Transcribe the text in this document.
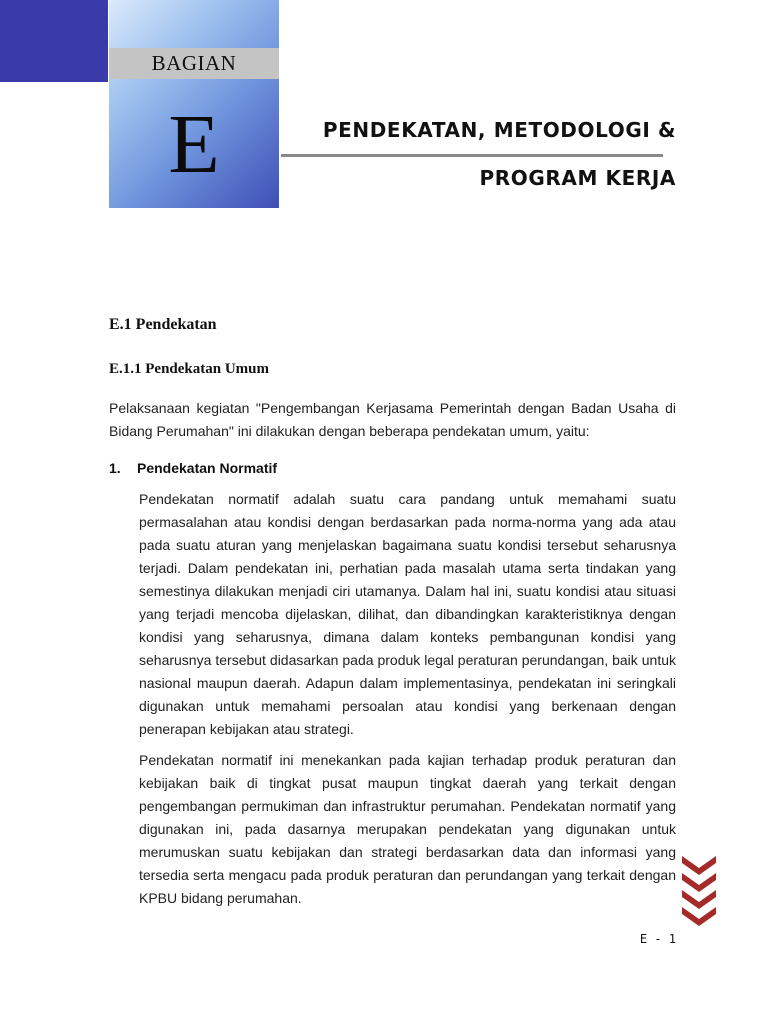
BAGIAN
E	PENDEKATAN, METODOLOGI &
PROGRAM KERJA
E.1 Pendekatan
E.1.1 Pendekatan Umum

Pelaksanaan kegiatan "Pengembangan Kerjasama Pemerintah dengan Badan Usaha di Bidang Perumahan" ini dilakukan dengan beberapa pendekatan umum, yaitu:

1. Pendekatan Normatif

Pendekatan normatif adalah suatu cara pandang untuk memahami suatu permasalahan atau kondisi dengan berdasarkan pada norma-norma yang ada atau pada suatu aturan yang menjelaskan bagaimana suatu kondisi tersebut seharusnya terjadi. Dalam pendekatan ini, perhatian pada masalah utama serta tindakan yang semestinya dilakukan menjadi ciri utamanya. Dalam hal ini, suatu kondisi atau situasi yang terjadi mencoba dijelaskan, dilihat, dan dibandingkan karakteristiknya dengan kondisi yang seharusnya, dimana dalam konteks pembangunan kondisi yang seharusnya tersebut didasarkan pada produk legal peraturan perundangan, baik untuk nasional maupun daerah. Adapun dalam implementasinya, pendekatan ini seringkali digunakan untuk memahami persoalan atau kondisi yang berkenaan dengan penerapan kebijakan atau strategi.

Pendekatan normatif ini menekankan pada kajian terhadap produk peraturan dan kebijakan baik di tingkat pusat maupun tingkat daerah yang terkait dengan pengembangan permukiman dan infrastruktur perumahan. Pendekatan normatif yang digunakan ini, pada dasarnya merupakan pendekatan yang digunakan untuk merumuskan suatu kebijakan dan strategi berdasarkan data dan informasi yang tersedia serta mengacu pada produk peraturan dan perundangan yang terkait dengan KPBU bidang perumahan.

E - 1
